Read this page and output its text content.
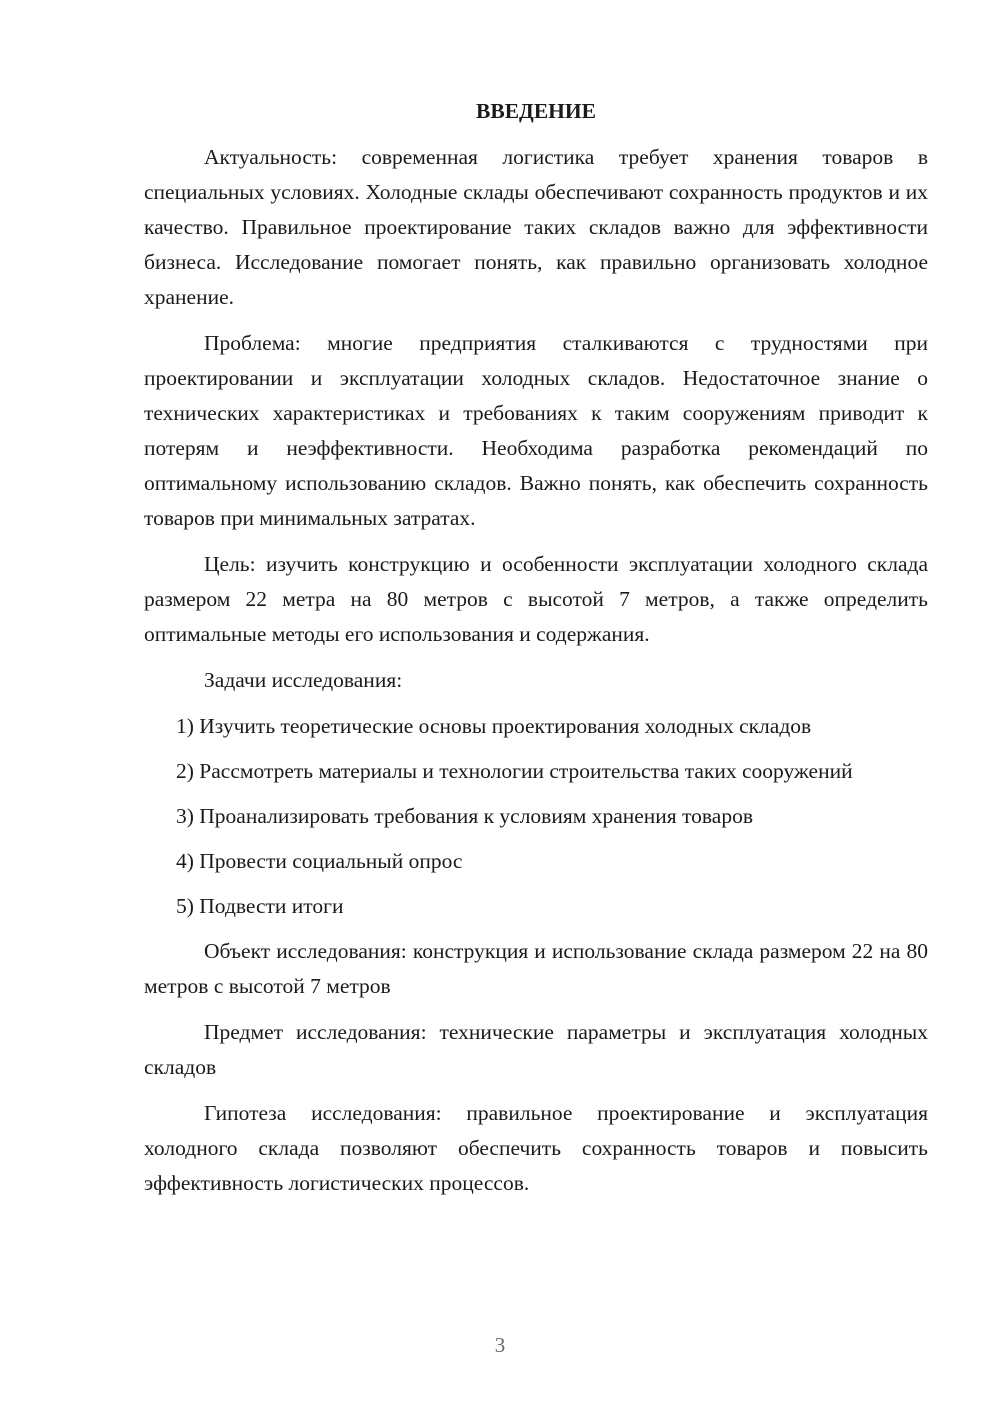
ВВЕДЕНИЕ

Актуальность: современная логистика требует хранения товаров в специальных условиях. Холодные склады обеспечивают сохранность продуктов и их качество. Правильное проектирование таких складов важно для эффективности бизнеса. Исследование помогает понять, как правильно организовать холодное хранение.

Проблема: многие предприятия сталкиваются с трудностями при проектировании и эксплуатации холодных складов. Недостаточное знание о технических характеристиках и требованиях к таким сооружениям приводит к потерям и неэффективности. Необходима разработка рекомендаций по оптимальному использованию складов. Важно понять, как обеспечить сохранность товаров при минимальных затратах.

Цель: изучить конструкцию и особенности эксплуатации холодного склада размером 22 метра на 80 метров с высотой 7 метров, а также определить оптимальные методы его использования и содержания.

Задачи исследования:

1) Изучить теоретические основы проектирования холодных складов

2) Рассмотреть материалы и технологии строительства таких сооружений

3) Проанализировать требования к условиям хранения товаров

4) Провести социальный опрос

5) Подвести итоги

Объект исследования: конструкция и использование склада размером 22 на 80 метров с высотой 7 метров

Предмет исследования: технические параметры и эксплуатация холодных складов

Гипотеза исследования: правильное проектирование и эксплуатация холодного склада позволяют обеспечить сохранность товаров и повысить эффективность логистических процессов.

3
